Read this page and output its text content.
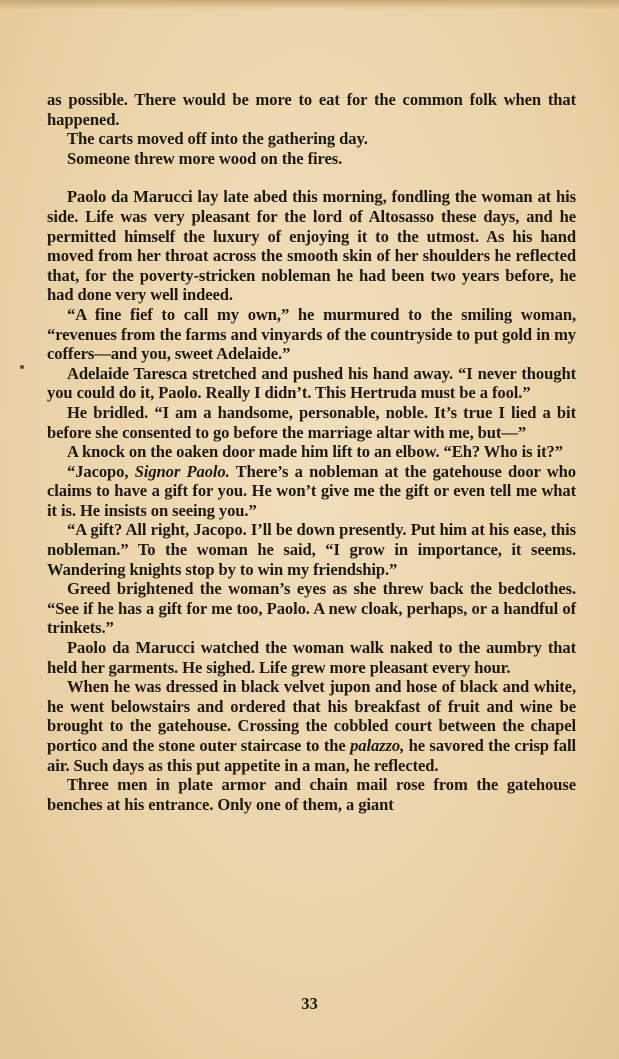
as possible. There would be more to eat for the common folk when that happened.

The carts moved off into the gathering day.

Someone threw more wood on the fires.

Paolo da Marucci lay late abed this morning, fondling the woman at his side. Life was very pleasant for the lord of Altosasso these days, and he permitted himself the luxury of enjoying it to the utmost. As his hand moved from her throat across the smooth skin of her shoulders he reflected that, for the poverty-stricken nobleman he had been two years before, he had done very well indeed.

“A fine fief to call my own,” he murmured to the smiling woman, “revenues from the farms and vinyards of the countryside to put gold in my coffers—and you, sweet Adelaide.”

Adelaide Taresca stretched and pushed his hand away. “I never thought you could do it, Paolo. Really I didn’t. This Hertruda must be a fool.”

He bridled. “I am a handsome, personable, noble. It’s true I lied a bit before she consented to go before the marriage altar with me, but—”

A knock on the oaken door made him lift to an elbow. “Eh? Who is it?”

“Jacopo, Signor Paolo. There’s a nobleman at the gatehouse door who claims to have a gift for you. He won’t give me the gift or even tell me what it is. He insists on seeing you.”

“A gift? All right, Jacopo. I’ll be down presently. Put him at his ease, this nobleman.” To the woman he said, “I grow in importance, it seems. Wandering knights stop by to win my friendship.”

Greed brightened the woman’s eyes as she threw back the bedclothes. “See if he has a gift for me too, Paolo. A new cloak, perhaps, or a handful of trinkets.”

Paolo da Marucci watched the woman walk naked to the aumbry that held her garments. He sighed. Life grew more pleasant every hour.

When he was dressed in black velvet jupon and hose of black and white, he went belowstairs and ordered that his breakfast of fruit and wine be brought to the gatehouse. Crossing the cobbled court between the chapel portico and the stone outer staircase to the palazzo, he savored the crisp fall air. Such days as this put appetite in a man, he reflected.

Three men in plate armor and chain mail rose from the gatehouse benches at his entrance. Only one of them, a giant

33
